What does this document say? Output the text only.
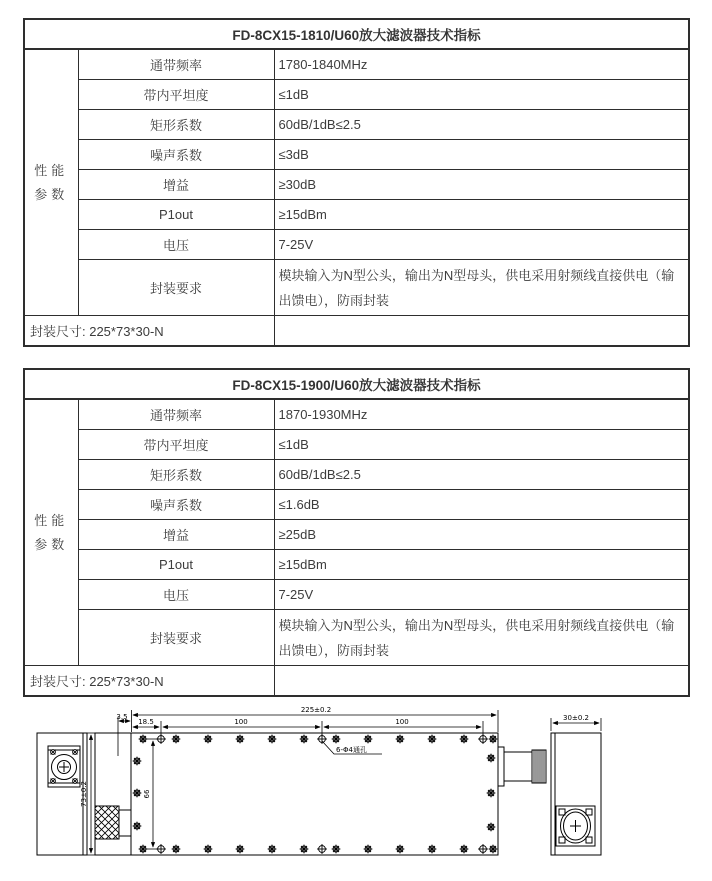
FD-8CX15-1810/U60放大滤波器技术指标		
性能参数	通带频率	1780-1840MHz
	带内平坦度	≤1dB
	矩形系数	60dB/1dB≤2.5
	噪声系数	≤3dB
	增益	≥30dB
	P1out	≥15dBm
	电压	7-25V
	封装要求	模块输入为N型公头，输出为N型母头，供电采用射频线直接供电（输出馈电），防雨封装
封装尺寸: 225*73*30-N		
FD-8CX15-1900/U60放大滤波器技术指标		
性能参数	通带频率	1870-1930MHz
	带内平坦度	≤1dB
	矩形系数	60dB/1dB≤2.5
	噪声系数	≤1.6dB
	增益	≥25dB
	P1out	≥15dBm
	电压	7-25V
	封装要求	模块输入为N型公头，输出为N型母头，供电采用射频线直接供电（输出馈电），防雨封装
封装尺寸: 225*73*30-N		
225±0.2
100	100
18.5
3.5
73±0.2	66
30±0.2
6-Φ4通孔
